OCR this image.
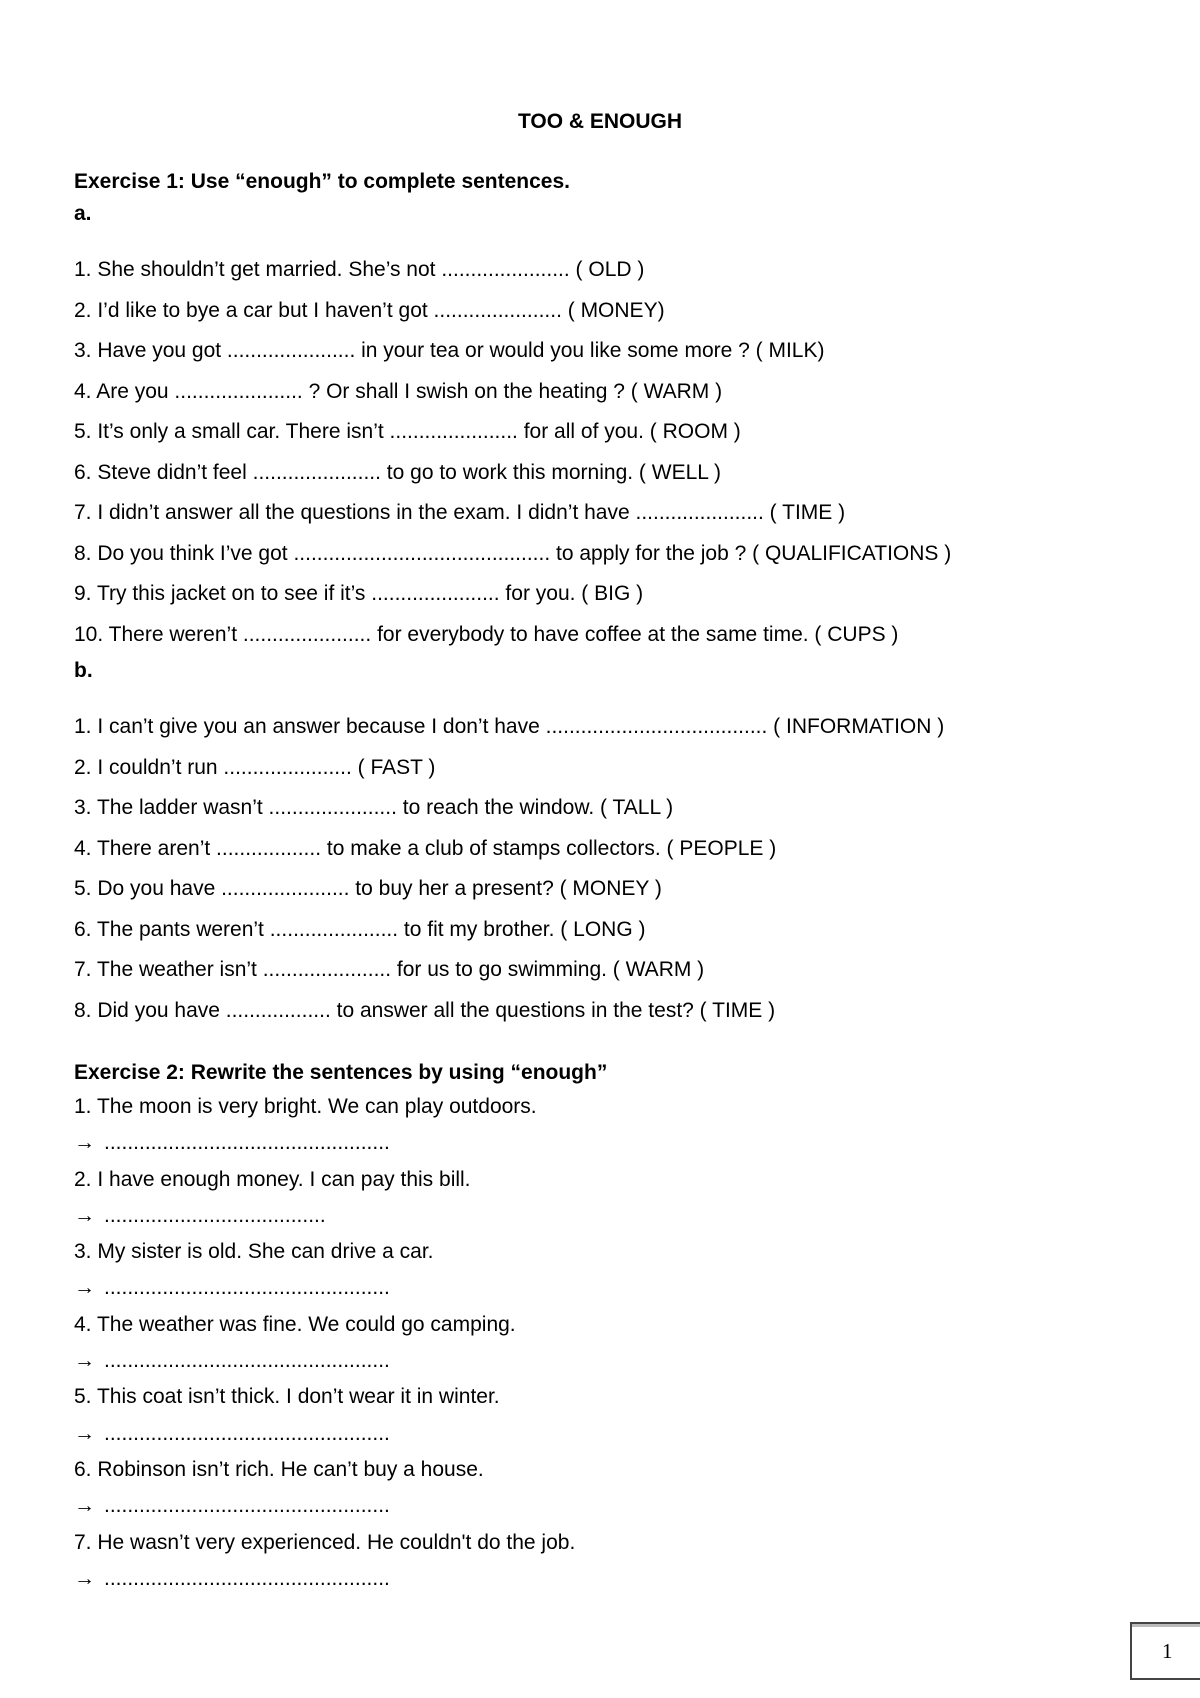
TOO & ENOUGH
Exercise 1: Use “enough” to complete sentences.
a.
1. She shouldn’t get married. She’s not ...................... ( OLD )
2. I’d like to bye a car but I haven’t got ...................... ( MONEY)
3. Have you got ...................... in your tea or would you like some more ? ( MILK)
4. Are you ...................... ? Or shall I swish on the heating ? ( WARM )
5. It’s only a small car. There isn’t ...................... for all of you. ( ROOM )
6. Steve didn’t feel ...................... to go to work this morning. ( WELL )
7. I didn’t answer all the questions in the exam. I didn’t have ...................... ( TIME )
8. Do you think I’ve got ............................................ to apply for the job ? ( QUALIFICATIONS )
9. Try this jacket on to see if it’s ...................... for you. ( BIG )
10. There weren’t ...................... for everybody to have coffee at the same time. ( CUPS )
b.
1. I can’t give you an answer because I don’t have ...................................... ( INFORMATION )
2. I couldn’t run ...................... ( FAST )
3. The ladder wasn’t ...................... to reach the window. ( TALL )
4. There aren’t .................. to make a club of stamps collectors. ( PEOPLE )
5. Do you have ...................... to buy her a present? ( MONEY )
6. The pants weren’t ...................... to fit my brother. ( LONG )
7. The weather isn’t ...................... for us to go swimming. ( WARM )
8. Did you have .................. to answer all the questions in the test? ( TIME )
Exercise 2: Rewrite the sentences by using “enough”
1. The moon is very bright. We can play outdoors.
→ .................................................
2. I have enough money. I can pay this bill.
→ ......................................
3. My sister is old. She can drive a car.
→ .................................................
4. The weather was fine. We could go camping.
→ .................................................
5. This coat isn’t thick. I don’t wear it in winter.
→ .................................................
6. Robinson isn’t rich. He can’t buy a house.
→ .................................................
7. He wasn’t very experienced. He couldn't do the job.
→ .................................................
1
